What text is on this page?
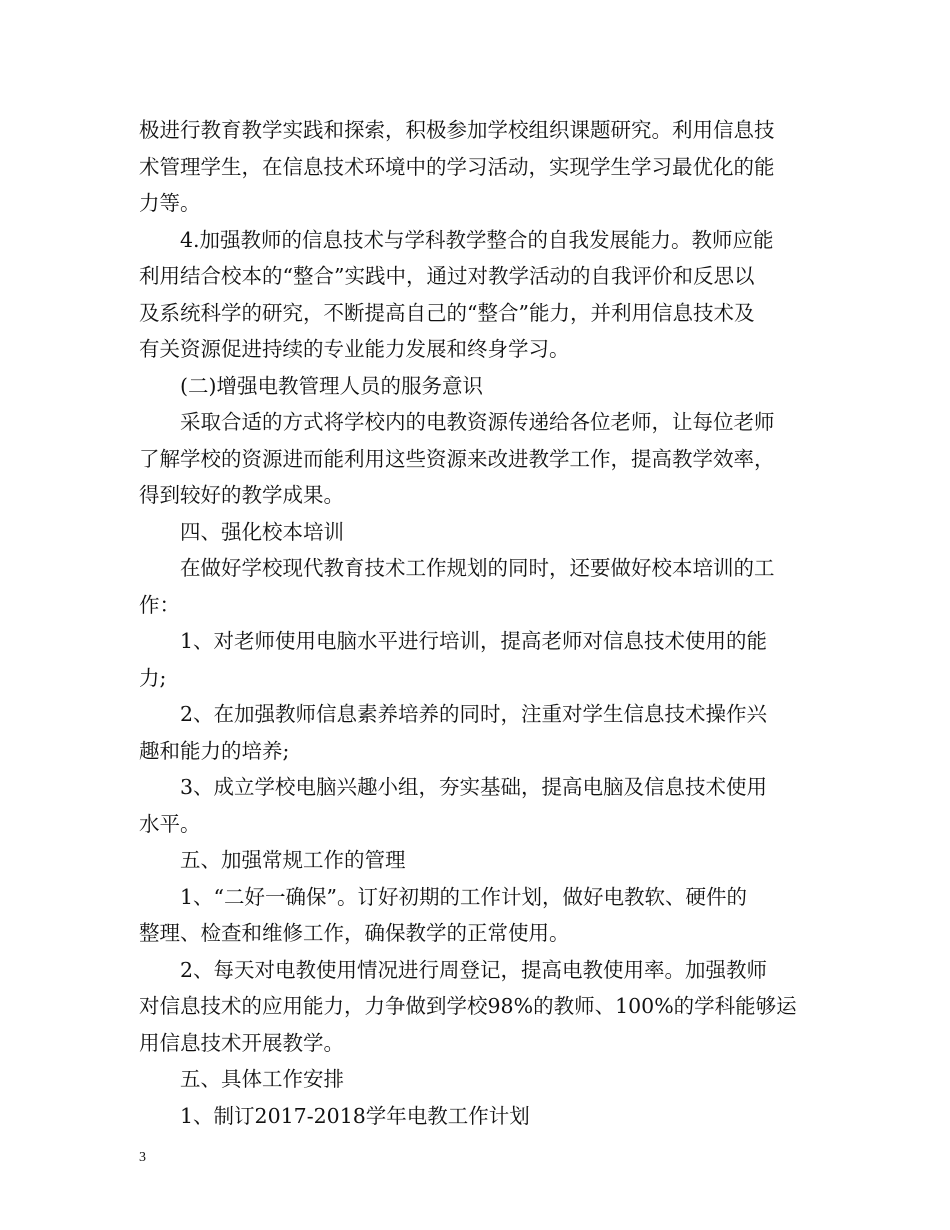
极进行教育教学实践和探索，积极参加学校组织课题研究。利用信息技
术管理学生，在信息技术环境中的学习活动，实现学生学习最优化的能
力等。

4.加强教师的信息技术与学科教学整合的自我发展能力。教师应能
利用结合校本的“整合”实践中，通过对教学活动的自我评价和反思以
及系统科学的研究，不断提高自己的“整合”能力，并利用信息技术及
有关资源促进持续的专业能力发展和终身学习。

(二)增强电教管理人员的服务意识

采取合适的方式将学校内的电教资源传递给各位老师，让每位老师
了解学校的资源进而能利用这些资源来改进教学工作，提高教学效率，
得到较好的教学成果。

四、强化校本培训

在做好学校现代教育技术工作规划的同时，还要做好校本培训的工
作：

1、对老师使用电脑水平进行培训，提高老师对信息技术使用的能
力;

2、在加强教师信息素养培养的同时，注重对学生信息技术操作兴
趣和能力的培养;

3、成立学校电脑兴趣小组，夯实基础，提高电脑及信息技术使用
水平。

五、加强常规工作的管理

1、“二好一确保”。订好初期的工作计划，做好电教软、硬件的
整理、检查和维修工作，确保教学的正常使用。

2、每天对电教使用情况进行周登记，提高电教使用率。加强教师
对信息技术的应用能力，力争做到学校98%的教师、100%的学科能够运
用信息技术开展教学。

五、具体工作安排

1、制订2017-2018学年电教工作计划

3
